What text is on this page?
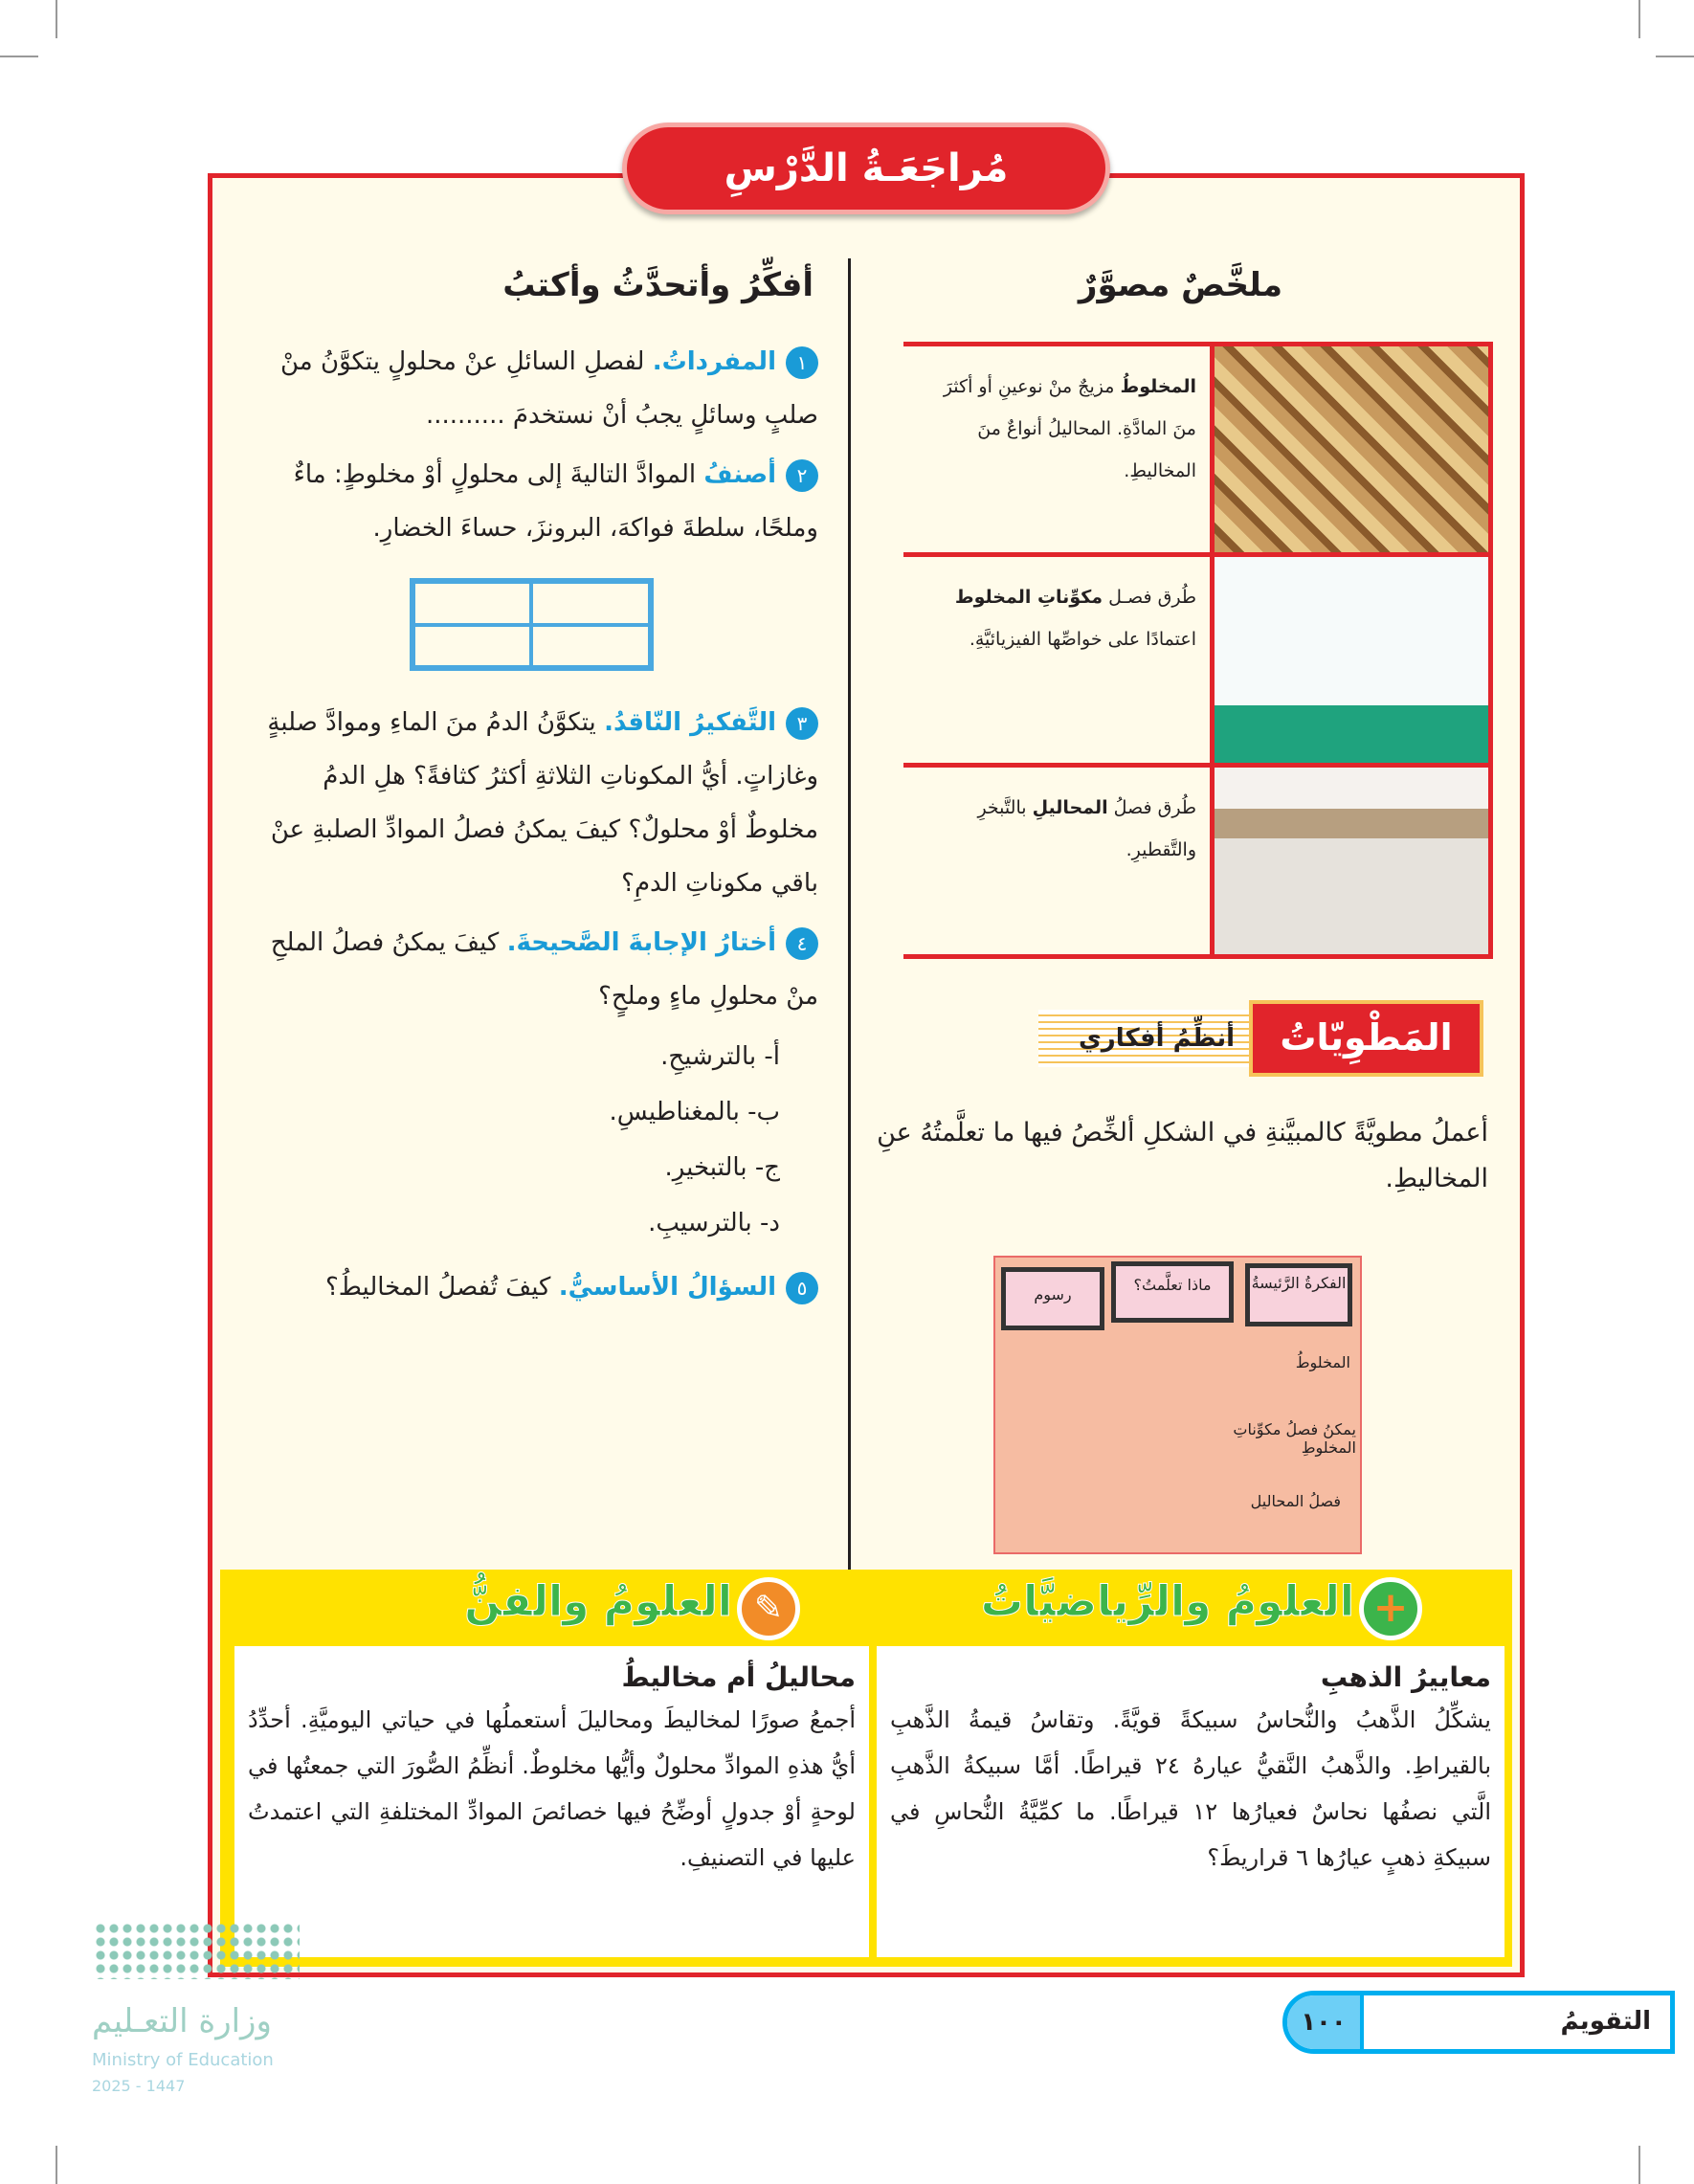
مُراجَعَـةُ الدَّرْسِ
ملخَّصٌ مصوَّرٌ
المخلوطُ مزيجٌ منْ نوعينِ أو أكثرَ منَ المادَّةِ. المحاليلُ أنواعٌ منَ المخاليطِ.
طُرق فصـل مكوِّناتِ المخلوط اعتمادًا على خواصِّها الفيزيائيَّةِ.
طُرق فصلُ المحاليلِ بالتَّبخرِ والتَّقطيرِ.
أنظِّمُ أفكاري	المَطْوِيّاتُ
أعملُ مطويَّةً كالمبيَّنةِ في الشكلِ ألخِّصُ فيها ما تعلَّمتُهُ عنِ المخاليطِ.
الفكرةُ الرَّئيسةُ
ماذا تعلَّمتُ؟
رسوم
المخلوطُ
يمكنُ فصلُ مكوِّناتِ المخلوطِ
فصلُ المحاليل
أفكِّرُ وأتحدَّثُ وأكتبُ
١المفرداتُ. لفصلِ السائلِ عنْ محلولٍ يتكوَّنُ منْ صلبٍ وسائلٍ يجبُ أنْ نستخدمَ ..........
٢أصنفُ الموادَّ التاليةَ إلى محلولٍ أوْ مخلوطٍ: ماءٌ وملحًا، سلطةَ فواكهَ، البرونزَ، حساءَ الخضارِ.
٣التَّفكيرُ النّاقدُ. يتكوَّنُ الدمُ منَ الماءِ وموادَّ صلبةٍ وغازاتٍ. أيُّ المكوناتِ الثلاثةِ أكثرُ كثافةً؟ هلِ الدمُ مخلوطٌ أوْ محلولٌ؟ كيفَ يمكنُ فصلُ الموادِّ الصلبةِ عنْ باقي مكوناتِ الدمِ؟
٤أختارُ الإجابةَ الصَّحيحةَ. كيفَ يمكنُ فصلُ الملحِ منْ محلولِ ماءٍ وملحٍ؟
أ- بالترشيحِ.
ب- بالمغناطيسِ.
ج- بالتبخيرِ.
د- بالترسيبِ.
٥السؤالُ الأساسيُّ. كيفَ تُفصلُ المخاليطُ؟
+
العلومُ والرِّياضيَّاتُ
✎
العلومُ والفنُّ
معاييرُ الذهبِ

يشكِّلُ الذَّهبُ والنُّحاسُ سبيكةً قويَّةً. وتقاسُ قيمةُ الذَّهبِ بالقيراطِ. والذَّهبُ النَّقيُّ عيارهُ ٢٤ قيراطًا. أمَّا سبيكةُ الذَّهبِ الَّتي نصفُها نحاسٌ فعيارُها ١٢ قيراطًا. ما كمِّيَّةُ النُّحاسِ في سبيكةِ ذهبٍ عيارُها ٦ قراريطَ؟

محاليلُ أم مخاليطُ

أجمعُ صورًا لمخاليطَ ومحاليلَ أستعملُها في حياتي اليوميَّةِ. أحدِّدُ أيُّ هذهِ الموادِّ محلولٌ وأيُّها مخلوطٌ. أنظِّمُ الصُّورَ التي جمعتُها في لوحةٍ أوْ جدولٍ أوضِّحُ فيها خصائصَ الموادِّ المختلفةِ التي اعتمدتُ عليها في التصنيفِ.

التقويمُ
١٠٠
وزارة التعـليم
Ministry of Education
2025 - 1447
